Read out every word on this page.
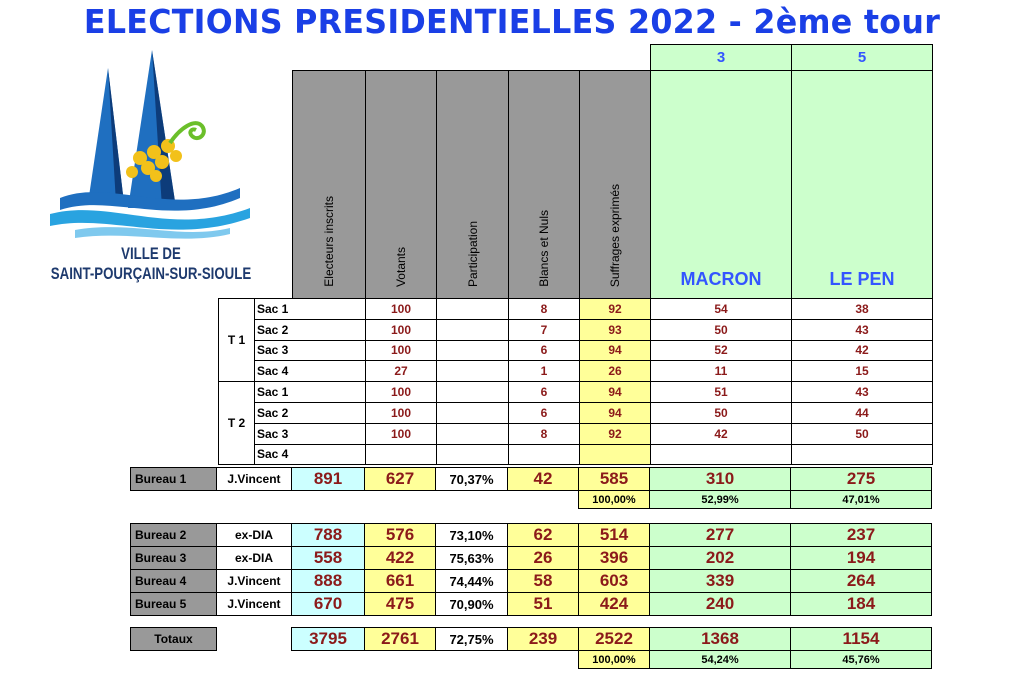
ELECTIONS PRESIDENTIELLES 2022 - 2ème tour
VILLE DE
SAINT-POURÇAIN-SUR-SIOULE
							3	5
		Electeurs inscrits	Votants	Participation	Blancs et Nuls	Suffrages exprimés	MACRON	LE PEN
T 1	Sac 1		100		8	92	54	38
	Sac 2		100		7	93	50	43
	Sac 3		100		6	94	52	42
	Sac 4		27		1	26	11	15
T 2	Sac 1		100		6	94	51	43
	Sac 2		100		6	94	50	44
	Sac 3		100		8	92	42	50
	Sac 4							
Bureau 1	J.Vincent	891	627	70,37%	42	585	310	275
						100,00%	52,99%	47,01%
Bureau 2	ex-DIA	788	576	73,10%	62	514	277	237
Bureau 3	ex-DIA	558	422	75,63%	26	396	202	194
Bureau 4	J.Vincent	888	661	74,44%	58	603	339	264
Bureau 5	J.Vincent	670	475	70,90%	51	424	240	184
Totaux		3795	2761	72,75%	239	2522	1368	1154
						100,00%	54,24%	45,76%
